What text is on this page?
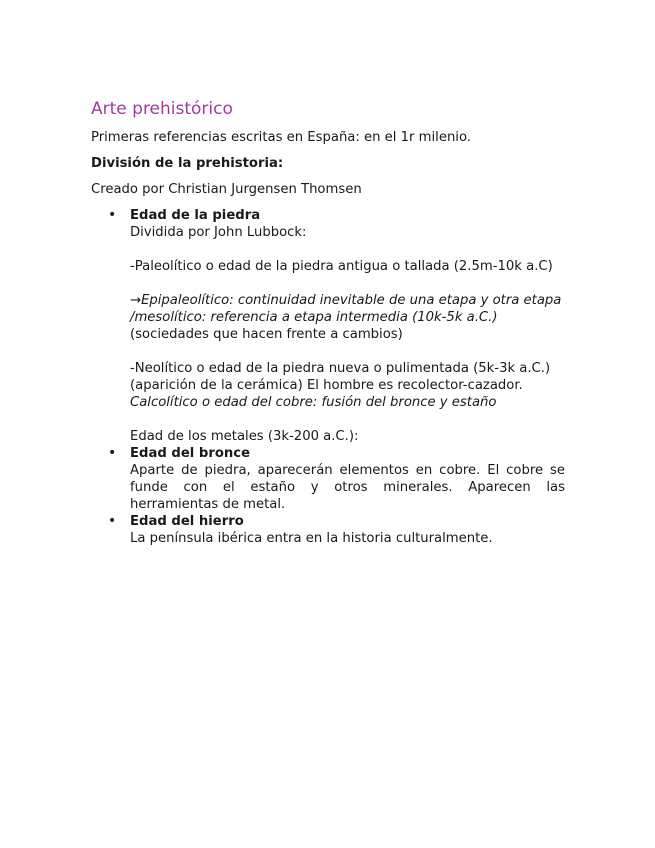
Arte prehistórico
Primeras referencias escritas en España: en el 1r milenio.
División de la prehistoria:
Creado por Christian Jurgensen Thomsen
• Edad de la piedra
Dividida por John Lubbock:
-Paleolítico o edad de la piedra antigua o tallada (2.5m-10k a.C)
→Epipaleolítico: continuidad inevitable de una etapa y otra etapa
/mesolítico: referencia a etapa intermedia (10k-5k a.C.)
(sociedades que hacen frente a cambios)
-Neolítico o edad de la piedra nueva o pulimentada (5k-3k a.C.)
(aparición de la cerámica) El hombre es recolector-cazador.
Calcolítico o edad del cobre: fusión del bronce y estaño
Edad de los metales (3k-200 a.C.):
• Edad del bronce
Aparte de piedra, aparecerán elementos en cobre. El cobre se funde con el estaño y otros minerales. Aparecen las herramientas de metal.
• Edad del hierro
La península ibérica entra en la historia culturalmente.
